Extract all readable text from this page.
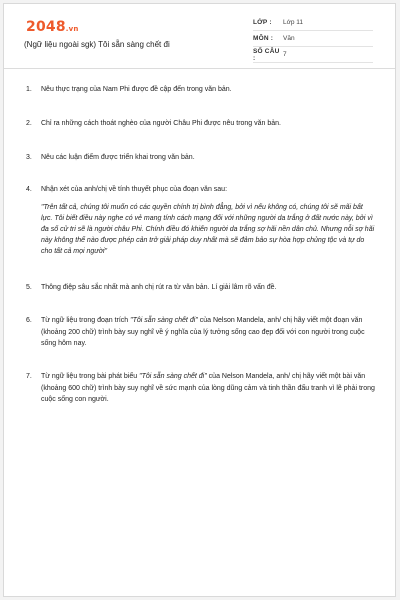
2048.vn
(Ngữ liệu ngoài sgk) Tôi sẵn sàng chết đi
LỚP :	Lớp 11
MÔN :	Văn
SỐ CÂU :	7
1. Nêu thực trạng của Nam Phi được đề cập đến trong văn bản.
2. Chỉ ra những cách thoát nghèo của người Châu Phi được nêu trong văn bản.
3. Nêu các luận điểm được triển khai trong văn bản.
4. Nhận xét của anh/chị về tính thuyết phục của đoạn văn sau:
"Trên tất cả, chúng tôi muốn có các quyền chính trị bình đẳng, bởi vì nếu không có, chúng tôi sẽ mãi bất lực. Tôi biết điều này nghe có vẻ mang tính cách mạng đối với những người da trắng ở đất nước này, bởi vì đa số cử tri sẽ là người châu Phi. Chính điều đó khiến người da trắng sợ hãi nền dân chủ. Nhưng nỗi sợ hãi này không thể nào được phép cản trở giải pháp duy nhất mà sẽ đảm bảo sự hòa hợp chủng tộc và tự do cho tất cả mọi người"
5. Thông điệp sâu sắc nhất mà anh chị rút ra từ văn bản. Lí giải lâm rõ vấn đề.
6. Từ ngữ liệu trong đoạn trích "Tôi sẵn sàng chết đi" của Nelson Mandela, anh/ chị hãy viết một đoạn văn (khoảng 200 chữ) trình bày suy nghĩ về ý nghĩa của lý tưởng sống cao đẹp đối với con người trong cuộc sống hôm nay.
7. Từ ngữ liệu trong bài phát biểu "Tôi sẵn sàng chết đi" của Nelson Mandela, anh/ chị hãy viết một bài văn (khoảng 600 chữ) trình bày suy nghĩ về sức mạnh của lòng dũng cảm và tinh thần đấu tranh vì lẽ phải trong cuộc sống con người.
